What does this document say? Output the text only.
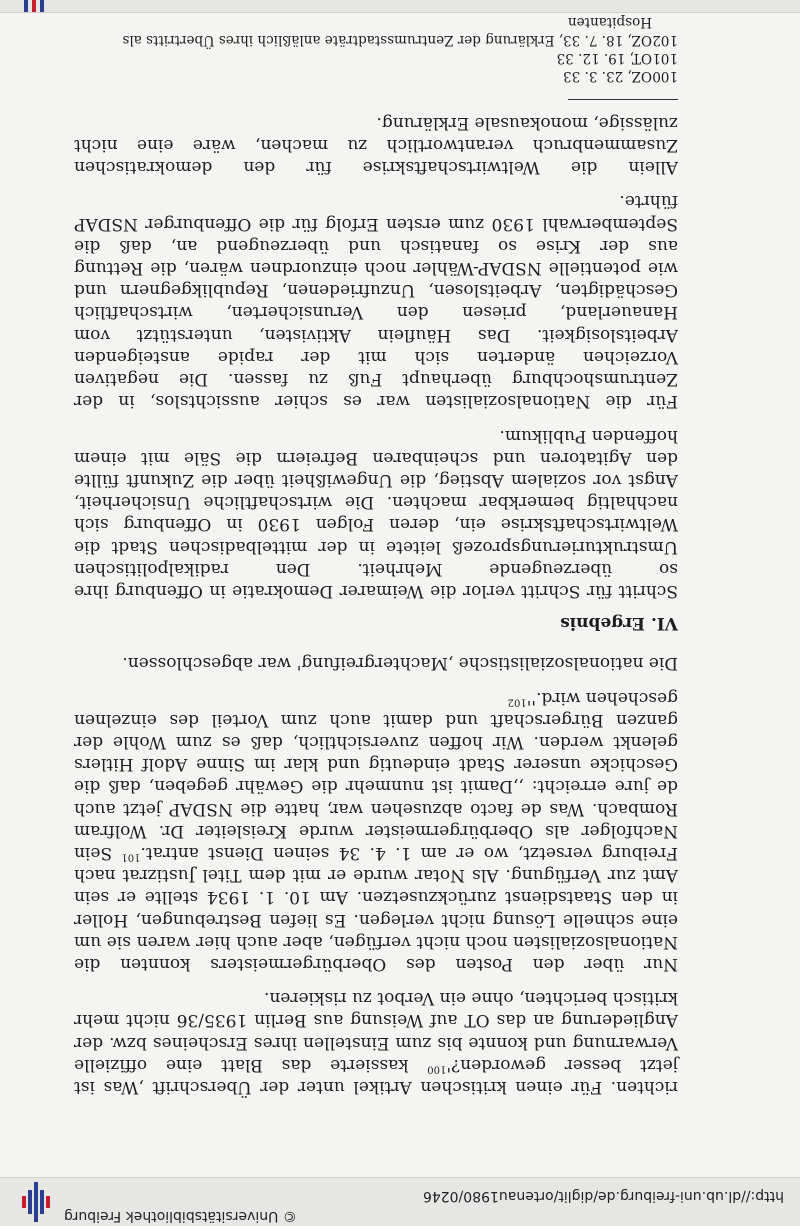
© Universitätsbibliothek Freiburg
http://dl.ub.uni-freiburg.de/diglit/ortenau1980/0246

richten. Für einen kritischen Artikel unter der Überschrift ,Was ist jetzt besser $geworden?'^{100}$ kassierte das Blatt eine offizielle Verwarnung und konnte bis zum Einstellen ihres Erscheines bzw. der Angliederung an das OT auf Weisung aus Berlin 1935/36 nicht mehr kritisch berichten, ohne ein Verbot zu riskieren.

Nur über den Posten des Oberbürgermeisters konnten die Nationalsozialisten noch nicht verfügen, aber auch hier waren sie um eine schnelle Lösung nicht verlegen. Es liefen Bestrebungen, Holler in den Staatsdienst zurückzusetzen. Am 10. 1. 1934 stellte er sein Amt zur Verfügung. Als Notar wurde er mit dem Titel Justizrat nach Freiburg versetzt, wo er am 1. 4. 34 seinen Dienst antrat.$^{101}$ Sein Nachfolger als Oberbürgermeister wurde Kreisleiter Dr. Wolfram Rombach. Was de facto abzusehen war, hatte die NSDAP jetzt auch de jure erreicht: ,,Damit ist nunmehr die Gewähr gegeben, daß die Geschicke unserer Stadt eindeutig und klar im Sinne Adolf Hitlers gelenkt werden. Wir hoffen zuversichtlich, daß es zum Wohle der ganzen Bürgerschaft und damit auch zum Vorteil des einzelnen geschehen $wird.''^{102}$

Die nationalsozialistische ,Machtergreifung' war abgeschlossen.

VI. Ergebnis

Schritt für Schritt verlor die Weimarer Demokratie in Offenburg ihre so überzeugende Mehrheit. Den radikalpolitischen Umstrukturierungsprozeß leitete in der mittelbadischen Stadt die Weltwirtschaftskrise ein, deren Folgen 1930 in Offenburg sich nachhaltig bemerkbar machten. Die wirtschaftliche Unsicherheit, Angst vor sozialem Abstieg, die Ungewißheit über die Zukunft füllte den Agitatoren und scheinbaren Befreiern die Säle mit einem hoffenden Publikum.

Für die Nationalsozialisten war es schier aussichtslos, in der Zentrumshochburg überhaupt Fuß zu fassen. Die negativen Vorzeichen änderten sich mit der rapide ansteigenden Arbeitslosigkeit. Das Häuflein Aktivisten, unterstützt vom Hanauerland, priesen den Verunsicherten, wirtschaftlich Geschädigten, Arbeitslosen, Unzufriedenen, Republikgegnern und wie potentielle NSDAP-Wähler noch einzuordnen wären, die Rettung aus der Krise so fanatisch und überzeugend an, daß die Septemberwahl 1930 zum ersten Erfolg für die Offenburger NSDAP führte.

Allein die Weltwirtschaftskrise für den demokratischen Zusammenbruch verantwortlich zu machen, wäre eine nicht zulässige, monokausale Erklärung.

100
OZ, 23. 3. 33
101
OT, 19. 12. 33
102
OZ, 18. 7. 33, Erklärung der Zentrumsstadträte anläßlich ihres Übertritts als Hospitanten
